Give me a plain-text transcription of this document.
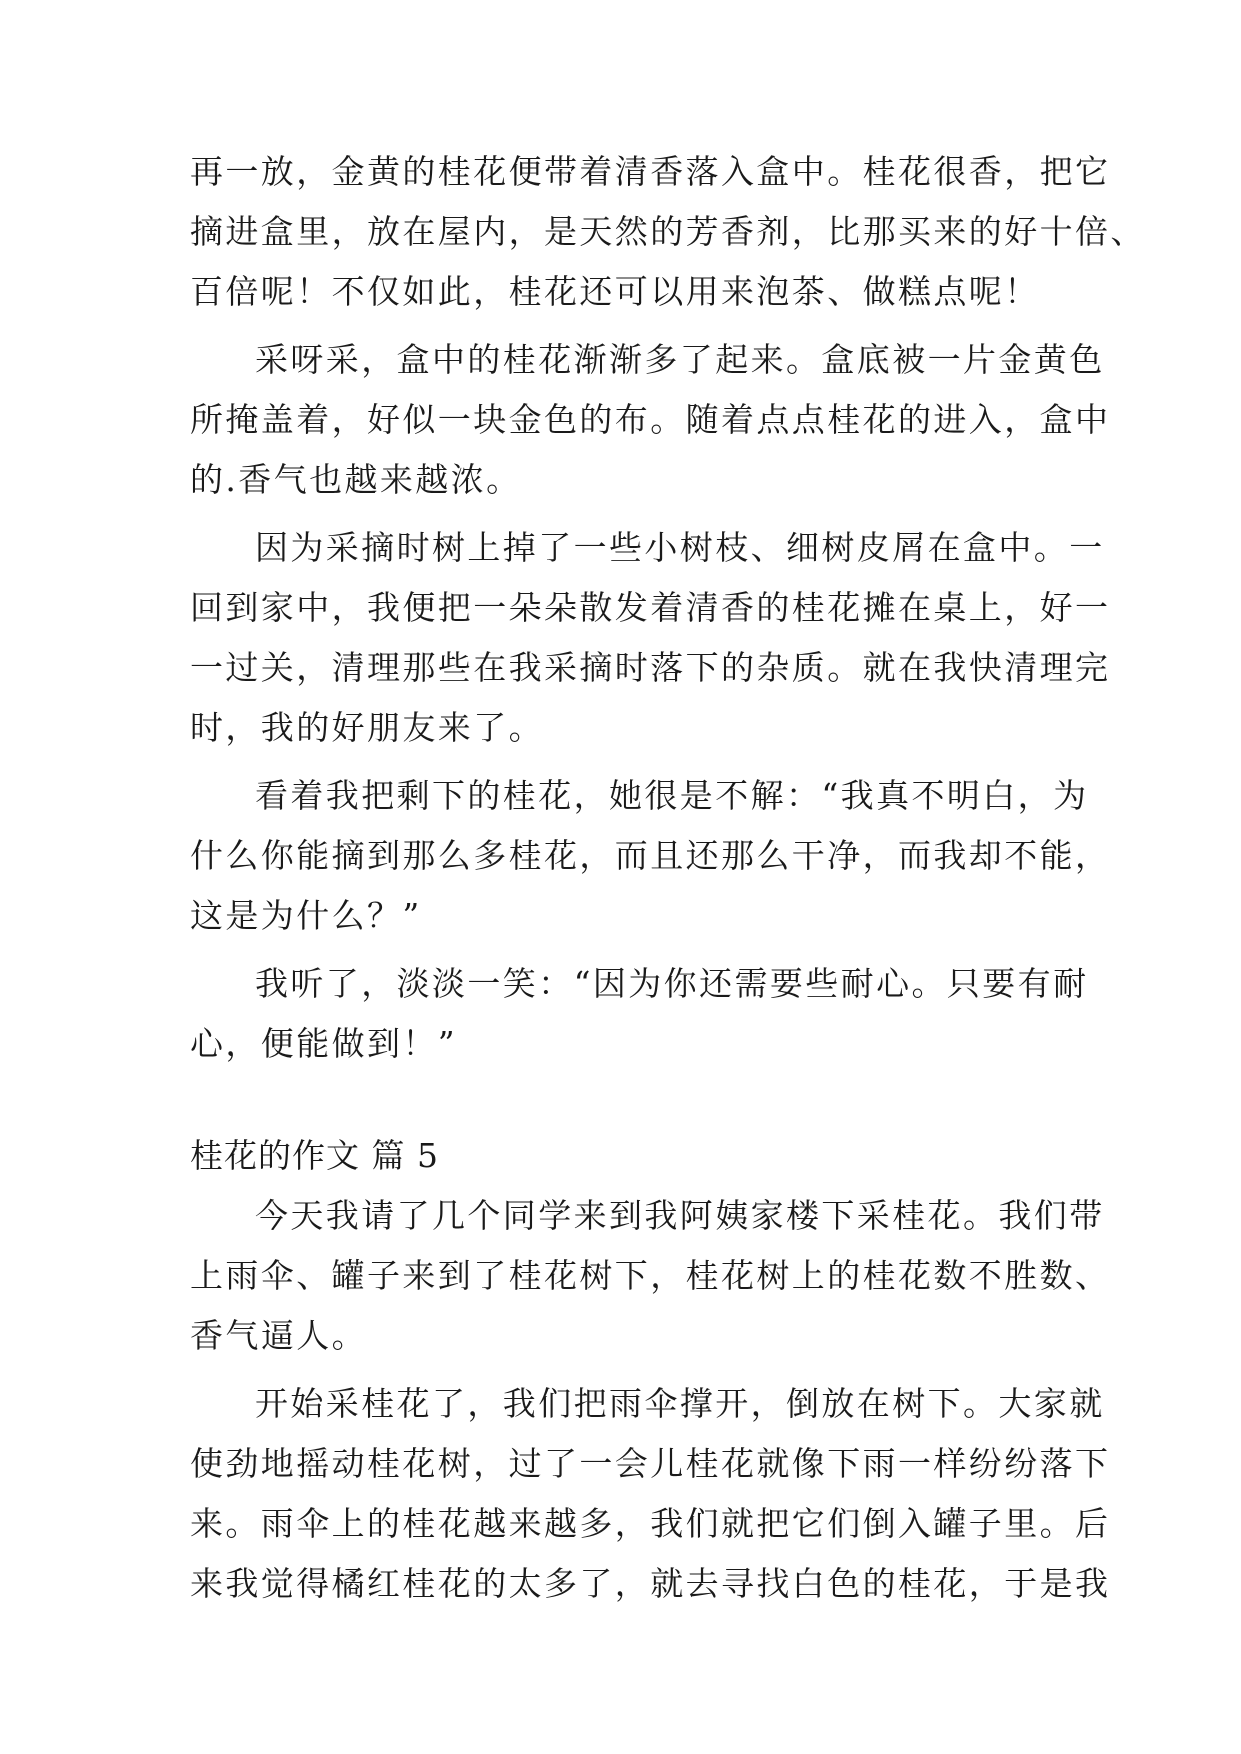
再一放，金黄的桂花便带着清香落入盒中。桂花很香，把它
摘进盒里，放在屋内，是天然的芳香剂，比那买来的好十倍、
百倍呢！不仅如此，桂花还可以用来泡茶、做糕点呢！
采呀采，盒中的桂花渐渐多了起来。盒底被一片金黄色
所掩盖着，好似一块金色的布。随着点点桂花的进入，盒中
的.香气也越来越浓。
因为采摘时树上掉了一些小树枝、细树皮屑在盒中。一
回到家中，我便把一朵朵散发着清香的桂花摊在桌上，好一
一过关，清理那些在我采摘时落下的杂质。就在我快清理完
时，我的好朋友来了。
看着我把剩下的桂花，她很是不解：“我真不明白，为
什么你能摘到那么多桂花，而且还那么干净，而我却不能，
这是为什么？”
我听了，淡淡一笑：“因为你还需要些耐心。只要有耐
心，便能做到！”
桂花的作文 篇 5
今天我请了几个同学来到我阿姨家楼下采桂花。我们带
上雨伞、罐子来到了桂花树下，桂花树上的桂花数不胜数、
香气逼人。
开始采桂花了，我们把雨伞撑开，倒放在树下。大家就
使劲地摇动桂花树，过了一会儿桂花就像下雨一样纷纷落下
来。雨伞上的桂花越来越多，我们就把它们倒入罐子里。后
来我觉得橘红桂花的太多了，就去寻找白色的桂花，于是我
